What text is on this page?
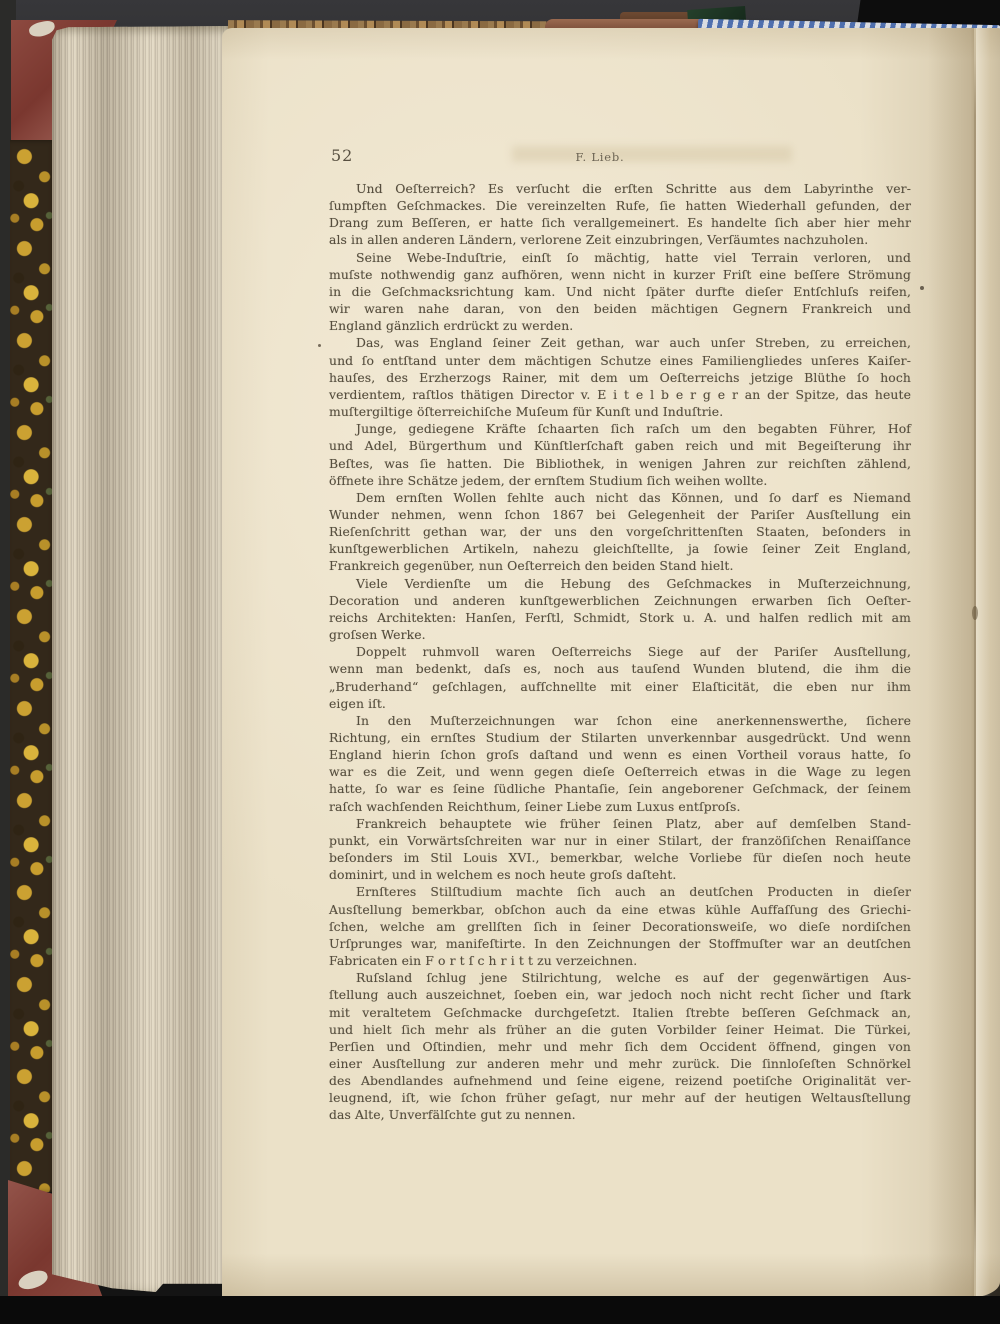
52	F. Lieb.
Und Oeſterreich? Es verſucht die erſten Schritte aus dem Labyrinthe ver-
ſumpften Geſchmackes. Die vereinzelten Rufe, ſie hatten Wiederhall gefunden, der
Drang zum Beſſeren, er hatte ſich verallgemeinert. Es handelte ſich aber hier mehr
als in allen anderen Ländern, verlorene Zeit einzubringen, Verſäumtes nachzuholen.
Seine Webe-Induſtrie, einſt ſo mächtig, hatte viel Terrain verloren, und
muſste nothwendig ganz aufhören, wenn nicht in kurzer Friſt eine beſſere Strömung
in die Geſchmacksrichtung kam. Und nicht ſpäter durfte dieſer Entſchluſs reifen,
wir waren nahe daran, von den beiden mächtigen Gegnern Frankreich und
England gänzlich erdrückt zu werden.
Das, was England ſeiner Zeit gethan, war auch unſer Streben, zu erreichen,
und ſo entſtand unter dem mächtigen Schutze eines Familiengliedes unſeres Kaiſer-
hauſes, des Erzherzogs Rainer, mit dem um Oeſterreichs jetzige Blüthe ſo hoch
verdientem, raſtlos thätigen Director v. E i t e l b e r g e r an der Spitze, das heute
muſtergiltige öſterreichiſche Muſeum für Kunſt und Induſtrie.
Junge, gediegene Kräfte ſchaarten ſich raſch um den begabten Führer, Hof
und Adel, Bürgerthum und Künſtlerſchaft gaben reich und mit Begeiſterung ihr
Beſtes, was ſie hatten. Die Bibliothek, in wenigen Jahren zur reichſten zählend,
öffnete ihre Schätze jedem, der ernſtem Studium ſich weihen wollte.
Dem ernſten Wollen fehlte auch nicht das Können, und ſo darf es Niemand
Wunder nehmen, wenn ſchon 1867 bei Gelegenheit der Pariſer Ausſtellung ein
Rieſenſchritt gethan war, der uns den vorgeſchrittenſten Staaten, beſonders in
kunſtgewerblichen Artikeln, nahezu gleichſtellte, ja ſowie ſeiner Zeit England,
Frankreich gegenüber, nun Oeſterreich den beiden Stand hielt.
Viele Verdienſte um die Hebung des Geſchmackes in Muſterzeichnung,
Decoration und anderen kunſtgewerblichen Zeichnungen erwarben ſich Oeſter-
reichs Architekten: Hanſen, Ferſtl, Schmidt, Stork u. A. und halfen redlich mit am
groſsen Werke.
Doppelt ruhmvoll waren Oeſterreichs Siege auf der Pariſer Ausſtellung,
wenn man bedenkt, daſs es, noch aus tauſend Wunden blutend, die ihm die
„Bruderhand“ geſchlagen, aufſchnellte mit einer Elaſticität, die eben nur ihm
eigen iſt.
In den Muſterzeichnungen war ſchon eine anerkennenswerthe, ſichere
Richtung, ein ernſtes Studium der Stilarten unverkennbar ausgedrückt. Und wenn
England hierin ſchon groſs daſtand und wenn es einen Vortheil voraus hatte, ſo
war es die Zeit, und wenn gegen dieſe Oeſterreich etwas in die Wage zu legen
hatte, ſo war es ſeine ſüdliche Phantaſie, ſein angeborener Geſchmack, der ſeinem
raſch wachſenden Reichthum, ſeiner Liebe zum Luxus entſproſs.
Frankreich behauptete wie früher ſeinen Platz, aber auf demſelben Stand-
punkt, ein Vorwärtsſchreiten war nur in einer Stilart, der franzöſiſchen Renaiſſance
beſonders im Stil Louis XVI., bemerkbar, welche Vorliebe für dieſen noch heute
dominirt, und in welchem es noch heute groſs daſteht.
Ernſteres Stilſtudium machte ſich auch an deutſchen Producten in dieſer
Ausſtellung bemerkbar, obſchon auch da eine etwas kühle Auffaſſung des Griechi-
ſchen, welche am grellſten ſich in ſeiner Decorationsweiſe, wo dieſe nordiſchen
Urſprunges war, manifeſtirte. In den Zeichnungen der Stoffmuſter war an deutſchen
Fabricaten ein F o r t ſ c h r i t t zu verzeichnen.
Ruſsland ſchlug jene Stilrichtung, welche es auf der gegenwärtigen Aus-
ſtellung auch auszeichnet, ſoeben ein, war jedoch noch nicht recht ſicher und ſtark
mit veraltetem Geſchmacke durchgeſetzt. Italien ſtrebte beſſeren Geſchmack an,
und hielt ſich mehr als früher an die guten Vorbilder ſeiner Heimat. Die Türkei,
Perſien und Oſtindien, mehr und mehr ſich dem Occident öffnend, gingen von
einer Ausſtellung zur anderen mehr und mehr zurück. Die ſinnloſeſten Schnörkel
des Abendlandes aufnehmend und ſeine eigene, reizend poetiſche Originalität ver-
leugnend, iſt, wie ſchon früher geſagt, nur mehr auf der heutigen Weltausſtellung
das Alte, Unverfälſchte gut zu nennen.
